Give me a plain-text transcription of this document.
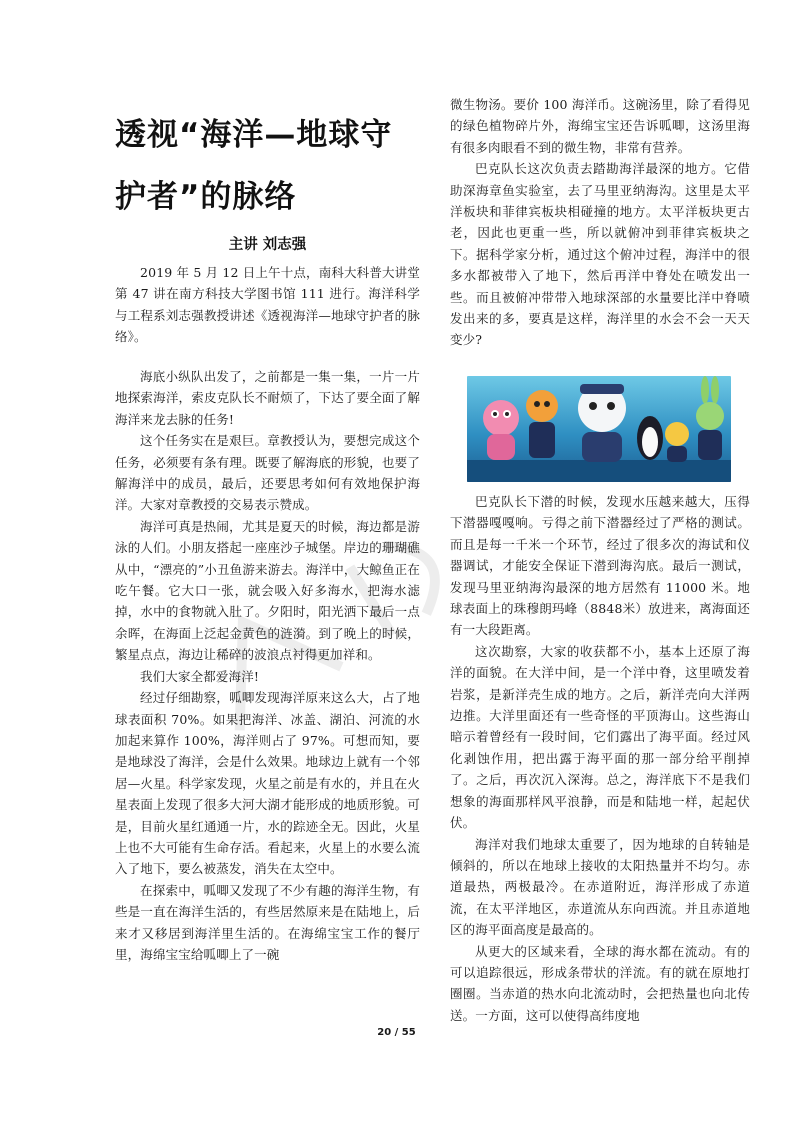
透视“海洋—地球守护者”的脉络
主讲 刘志强

2019 年 5 月 12 日上午十点，南科大科普大讲堂第 47 讲在南方科技大学图书馆 111 进行。海洋科学与工程系刘志强教授讲述《透视海洋—地球守护者的脉络》。

海底小纵队出发了，之前都是一集一集，一片一片地探索海洋，索皮克队长不耐烦了，下达了要全面了解海洋来龙去脉的任务!

这个任务实在是艰巨。章教授认为，要想完成这个任务，必须要有条有理。既要了解海底的形貌，也要了解海洋中的成员，最后，还要思考如何有效地保护海洋。大家对章教授的交易表示赞成。

海洋可真是热闹，尤其是夏天的时候，海边都是游泳的人们。小朋友搭起一座座沙子城堡。岸边的珊瑚礁从中，“漂亮的”小丑鱼游来游去。海洋中，大鲸鱼正在吃午餐。它大口一张，就会吸入好多海水，把海水滤掉，水中的食物就入肚了。夕阳时，阳光洒下最后一点余晖，在海面上泛起金黄色的涟漪。到了晚上的时候，繁星点点，海边让稀碎的波浪点衬得更加祥和。

我们大家全都爱海洋!

经过仔细勘察，呱唧发现海洋原来这么大，占了地球表面积 70%。如果把海洋、冰盖、湖泊、河流的水加起来算作 100%，海洋则占了 97%。可想而知，要是地球没了海洋，会是什么效果。地球边上就有一个邻居—火星。科学家发现，火星之前是有水的，并且在火星表面上发现了很多大河大湖才能形成的地质形貌。可是，目前火星红通通一片，水的踪迹全无。因此，火星上也不大可能有生命存活。看起来，火星上的水要么流入了地下，要么被蒸发，消失在太空中。

在探索中，呱唧又发现了不少有趣的海洋生物，有些是一直在海洋生活的，有些居然原来是在陆地上，后来才又移居到海洋里生活的。在海绵宝宝工作的餐厅里，海绵宝宝给呱唧上了一碗

微生物汤。要价 100 海洋币。这碗汤里，除了看得见的绿色植物碎片外，海绵宝宝还告诉呱唧，这汤里海有很多肉眼看不到的微生物，非常有营养。

巴克队长这次负责去踏勘海洋最深的地方。它借助深海章鱼实验室，去了马里亚纳海沟。这里是太平洋板块和菲律宾板块相碰撞的地方。太平洋板块更古老，因此也更重一些，所以就俯冲到菲律宾板块之下。据科学家分析，通过这个俯冲过程，海洋中的很多水都被带入了地下，然后再洋中脊处在喷发出一些。而且被俯冲带带入地球深部的水量要比洋中脊喷发出来的多，要真是这样，海洋里的水会不会一天天变少?

巴克队长下潜的时候，发现水压越来越大，压得下潜器嘎嘎响。亏得之前下潜器经过了严格的测试。而且是每一千米一个环节，经过了很多次的海试和仪器调试，才能安全保证下潜到海沟底。最后一测试，发现马里亚纳海沟最深的地方居然有 11000 米。地球表面上的珠穆朗玛峰（8848米）放进来，离海面还有一大段距离。

这次勘察，大家的收获都不小，基本上还原了海洋的面貌。在大洋中间，是一个洋中脊，这里喷发着岩浆，是新洋壳生成的地方。之后，新洋壳向大洋两边推。大洋里面还有一些奇怪的平顶海山。这些海山暗示着曾经有一段时间，它们露出了海平面。经过风化剥蚀作用，把出露于海平面的那一部分给平削掉了。之后，再次沉入深海。总之，海洋底下不是我们想象的海面那样风平浪静，而是和陆地一样，起起伏伏。

海洋对我们地球太重要了，因为地球的自转轴是倾斜的，所以在地球上接收的太阳热量并不均匀。赤道最热，两极最冷。在赤道附近，海洋形成了赤道流，在太平洋地区，赤道流从东向西流。并且赤道地区的海平面高度是最高的。

从更大的区域来看，全球的海水都在流动。有的可以追踪很远，形成条带状的洋流。有的就在原地打圈圈。当赤道的热水向北流动时，会把热量也向北传送。一方面，这可以使得高纬度地

20 / 55
